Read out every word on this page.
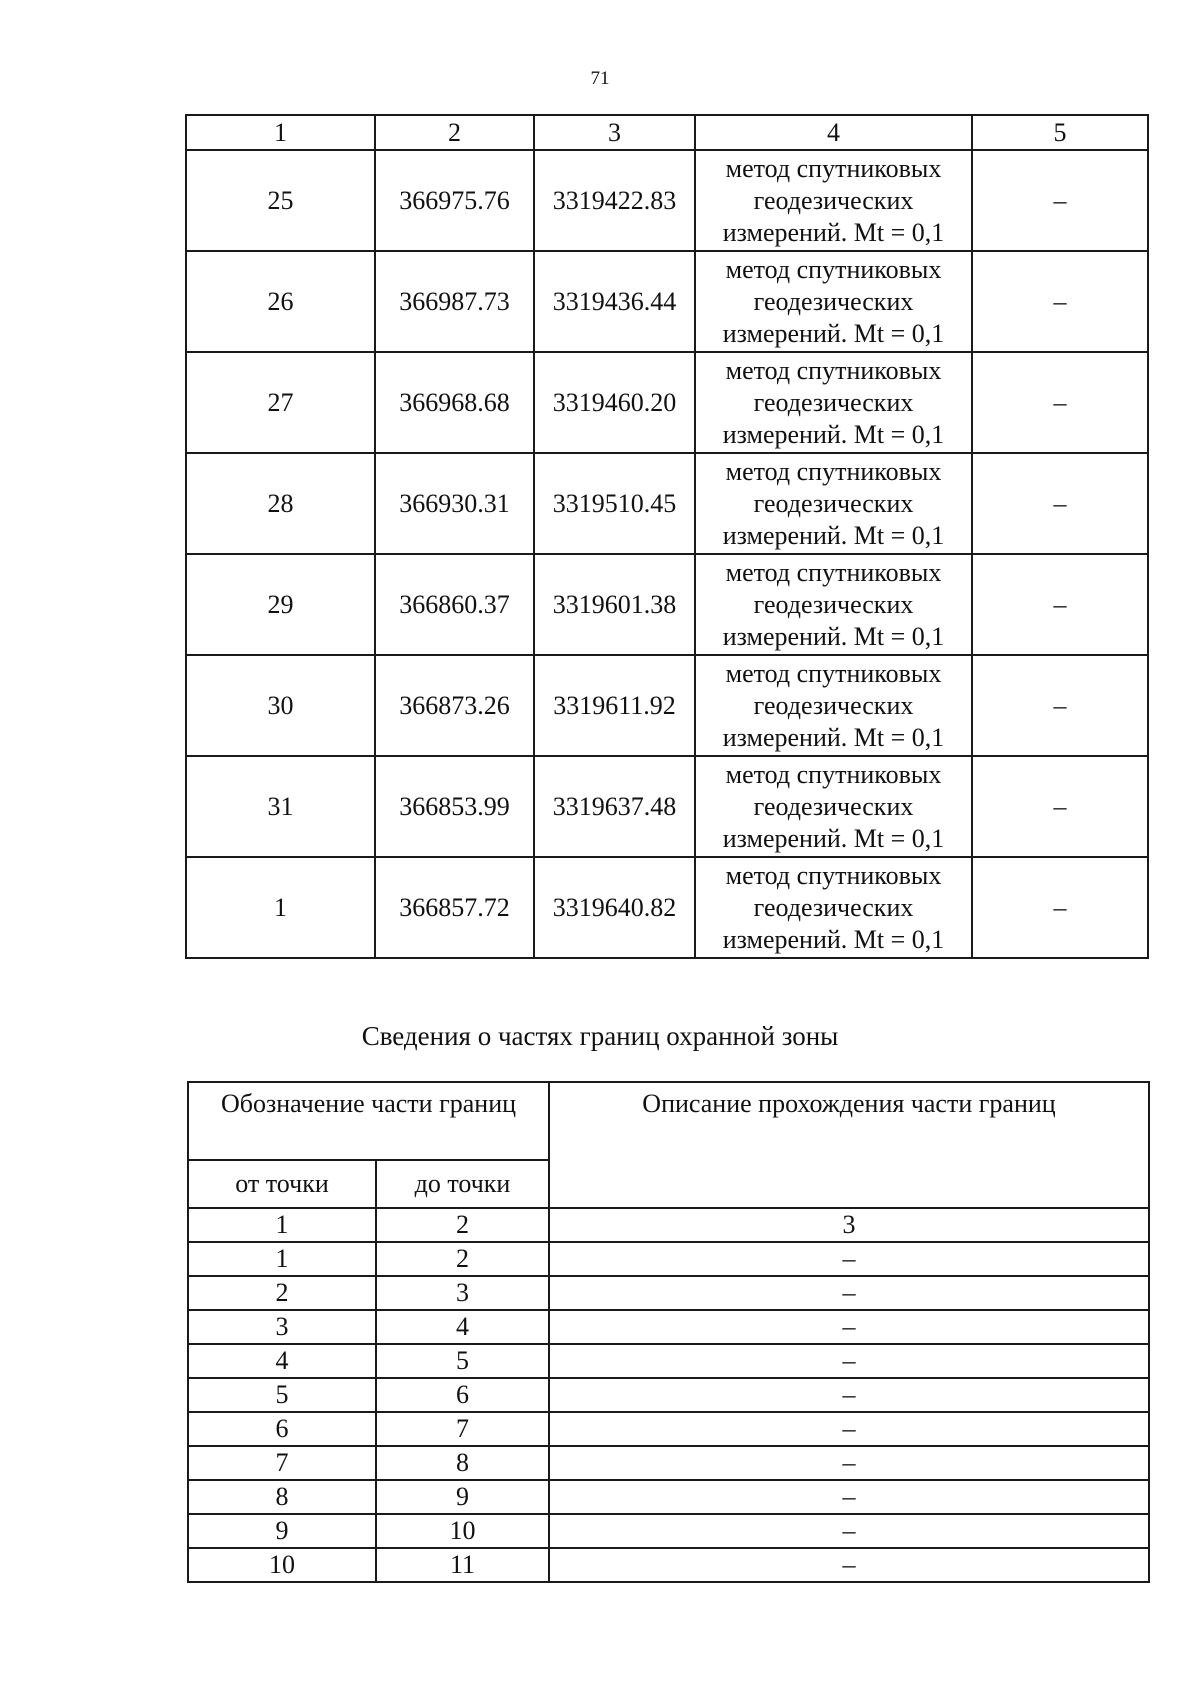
71
1	2	3	4	5
25	366975.76	3319422.83	метод спутниковых
геодезических
измерений. Mt = 0,1	–
26	366987.73	3319436.44	метод спутниковых
геодезических
измерений. Mt = 0,1	–
27	366968.68	3319460.20	метод спутниковых
геодезических
измерений. Mt = 0,1	–
28	366930.31	3319510.45	метод спутниковых
геодезических
измерений. Mt = 0,1	–
29	366860.37	3319601.38	метод спутниковых
геодезических
измерений. Mt = 0,1	–
30	366873.26	3319611.92	метод спутниковых
геодезических
измерений. Mt = 0,1	–
31	366853.99	3319637.48	метод спутниковых
геодезических
измерений. Mt = 0,1	–
1	366857.72	3319640.82	метод спутниковых
геодезических
измерений. Mt = 0,1	–
Сведения о частях границ охранной зоны
Обозначение части границ		Описание прохождения части границ
от точки	до точки	
1	2	3
1	2	–
2	3	–
3	4	–
4	5	–
5	6	–
6	7	–
7	8	–
8	9	–
9	10	–
10	11	–
